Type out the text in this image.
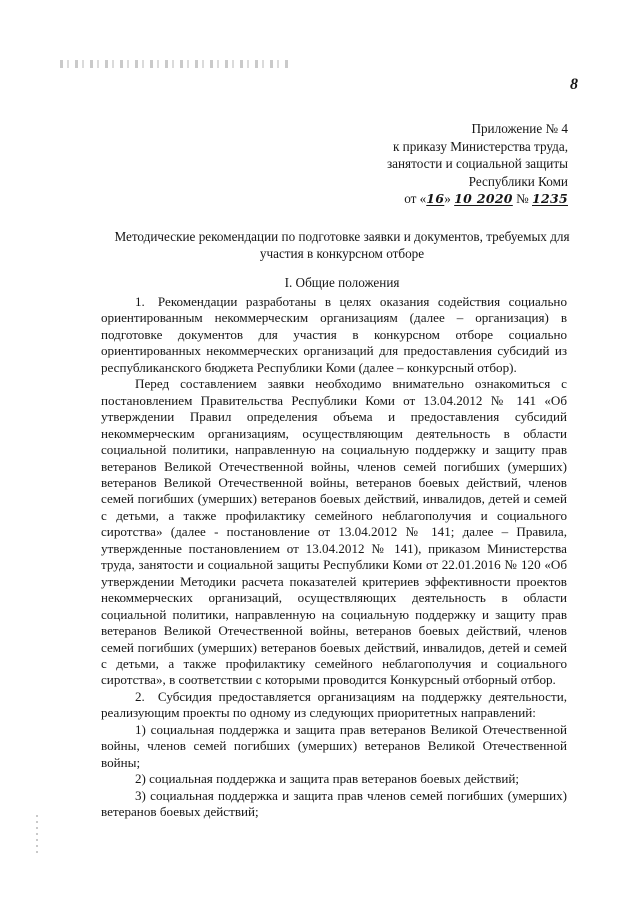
8
Приложение № 4
к приказу Министерства труда,
занятости и социальной защиты
Республики Коми
от «16» 10 2020 № 1235
Методические рекомендации по подготовке заявки и документов, требуемых для участия в конкурсном отборе
I. Общие положения

1. Рекомендации разработаны в целях оказания содействия социально ориентированным некоммерческим организациям (далее – организация) в подготовке документов для участия в конкурсном отборе социально ориентированных некоммерческих организаций для предоставления субсидий из республиканского бюджета Республики Коми (далее – конкурсный отбор).

Перед составлением заявки необходимо внимательно ознакомиться с постановлением Правительства Республики Коми от 13.04.2012 № 141 «Об утверждении Правил определения объема и предоставления субсидий некоммерческим организациям, осуществляющим деятельность в области социальной политики, направленную на социальную поддержку и защиту прав ветеранов Великой Отечественной войны, членов семей погибших (умерших) ветеранов Великой Отечественной войны, ветеранов боевых действий, членов семей погибших (умерших) ветеранов боевых действий, инвалидов, детей и семей с детьми, а также профилактику семейного неблагополучия и социального сиротства» (далее - постановление от 13.04.2012 № 141; далее – Правила, утвержденные постановлением от 13.04.2012 № 141), приказом Министерства труда, занятости и социальной защиты Республики Коми от 22.01.2016 № 120 «Об утверждении Методики расчета показателей критериев эффективности проектов некоммерческих организаций, осуществляющих деятельность в области социальной политики, направленную на социальную поддержку и защиту прав ветеранов Великой Отечественной войны, ветеранов боевых действий, членов семей погибших (умерших) ветеранов боевых действий, инвалидов, детей и семей с детьми, а также профилактику семейного неблагополучия и социального сиротства», в соответствии с которыми проводится Конкурсный отборный отбор.

2. Субсидия предоставляется организациям на поддержку деятельности, реализующим проекты по одному из следующих приоритетных направлений:

1) социальная поддержка и защита прав ветеранов Великой Отечественной войны, членов семей погибших (умерших) ветеранов Великой Отечественной войны;

2) социальная поддержка и защита прав ветеранов боевых действий;

3) социальная поддержка и защита прав членов семей погибших (умерших) ветеранов боевых действий;
